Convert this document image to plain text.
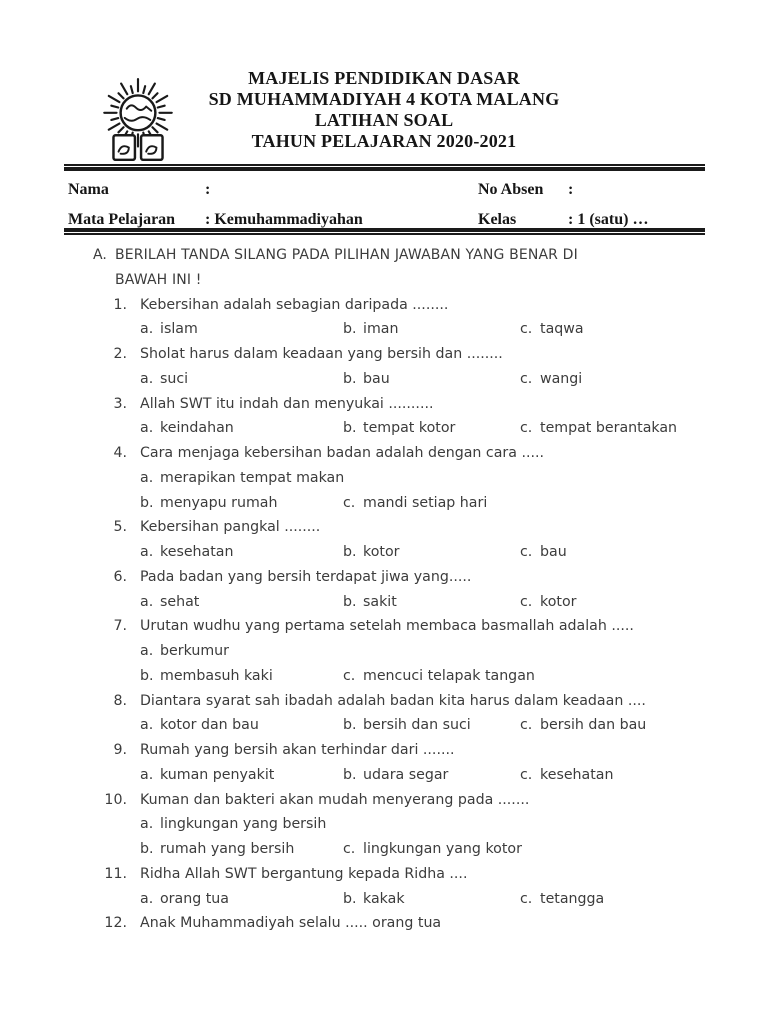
MAJELIS PENDIDIKAN DASAR
SD MUHAMMADIYAH 4 KOTA MALANG
LATIHAN SOAL
TAHUN PELAJARAN 2020-2021
Nama	:	No Absen :
Mata Pelajaran : Kemuhammadiyahan	Kelas	: 1 (satu) …
A. BERILAH TANDA SILANG PADA PILIHAN JAWABAN YANG BENAR DI
BAWAH INI !
1. Kebersihan adalah sebagian daripada ........
a. islam	b. iman	c. taqwa
2. Sholat harus dalam keadaan yang bersih dan ........
a. suci	b. bau	c. wangi
3. Allah SWT itu indah dan menyukai ..........
a. keindahan	b. tempat kotor	c. tempat berantakan
4. Cara menjaga kebersihan badan adalah dengan cara .....
a. merapikan tempat makan
b. menyapu rumah	c. mandi setiap hari
5. Kebersihan pangkal ........
a. kesehatan	b. kotor	c. bau
6. Pada badan yang bersih terdapat jiwa yang.....
a. sehat	b. sakit	c. kotor
7. Urutan wudhu yang pertama setelah membaca basmallah adalah .....
a. berkumur
b. membasuh kaki	c. mencuci telapak tangan
8. Diantara syarat sah ibadah adalah badan kita harus dalam keadaan ....
a. kotor dan bau	b. bersih dan suci	c. bersih dan bau
9. Rumah yang bersih akan terhindar dari .......
a. kuman penyakit	b. udara segar	c. kesehatan
10. Kuman dan bakteri akan mudah menyerang pada .......
a. lingkungan yang bersih
b. rumah yang bersih	c. lingkungan yang kotor
11. Ridha Allah SWT bergantung kepada Ridha ....
a. orang tua	b. kakak	c. tetangga
12. Anak Muhammadiyah selalu ..... orang tua
